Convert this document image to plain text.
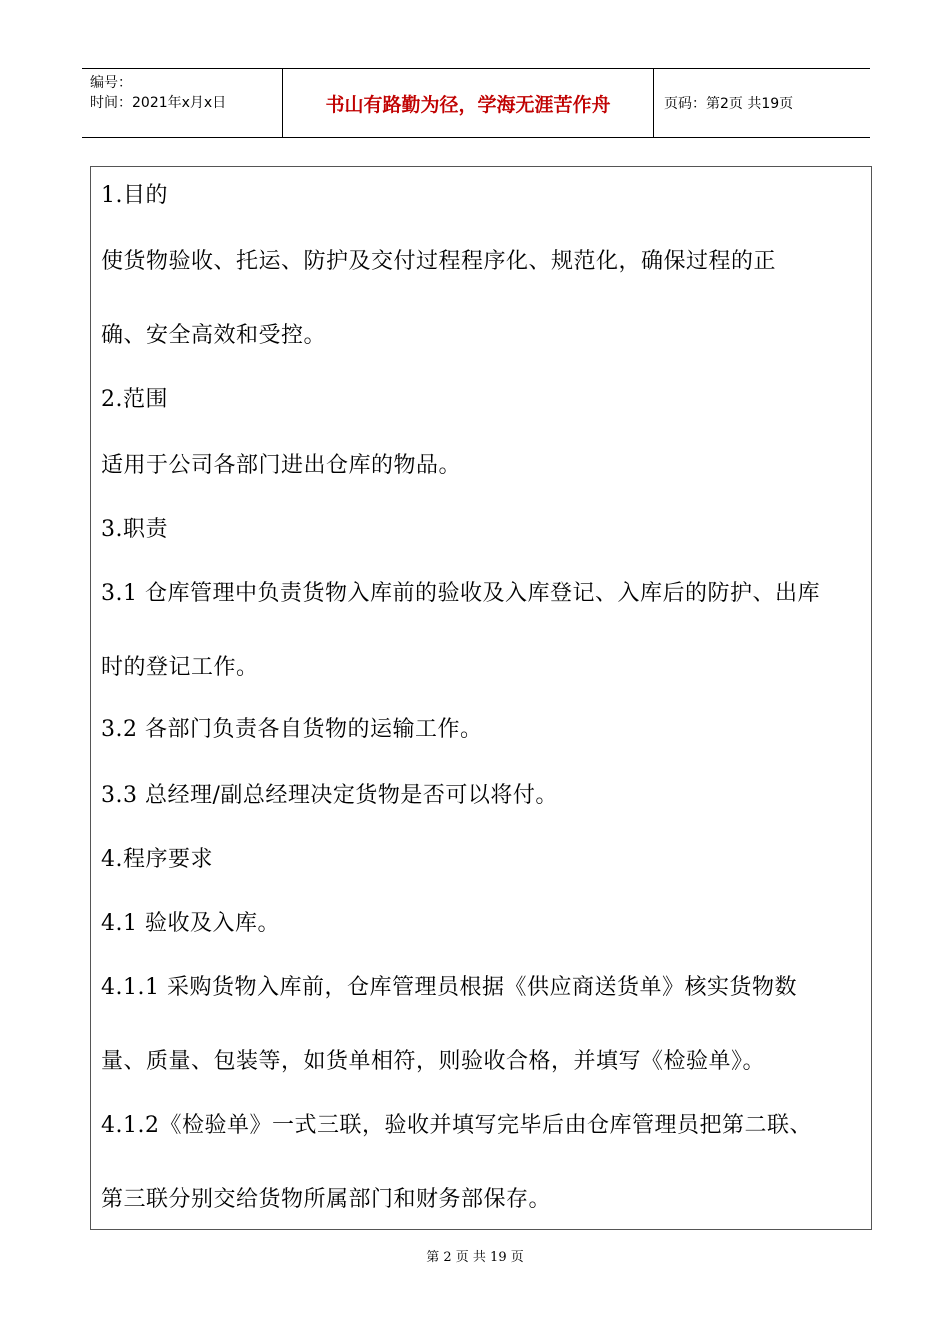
编号：
时间：2021年x月x日	书山有路勤为径，学海无涯苦作舟	页码：第2页 共19页
1.目的
使货物验收、托运、防护及交付过程程序化、规范化，确保过程的正
确、安全高效和受控。
2.范围
适用于公司各部门进出仓库的物品。
3.职责
3.1 仓库管理中负责货物入库前的验收及入库登记、入库后的防护、出库
时的登记工作。
3.2 各部门负责各自货物的运输工作。
3.3 总经理/副总经理决定货物是否可以将付。
4.程序要求
4.1 验收及入库。
4.1.1 采购货物入库前，仓库管理员根据《供应商送货单》核实货物数
量、质量、包装等，如货单相符，则验收合格，并填写《检验单》。
4.1.2《检验单》一式三联，验收并填写完毕后由仓库管理员把第二联、
第三联分别交给货物所属部门和财务部保存。
第 2 页 共 19 页
